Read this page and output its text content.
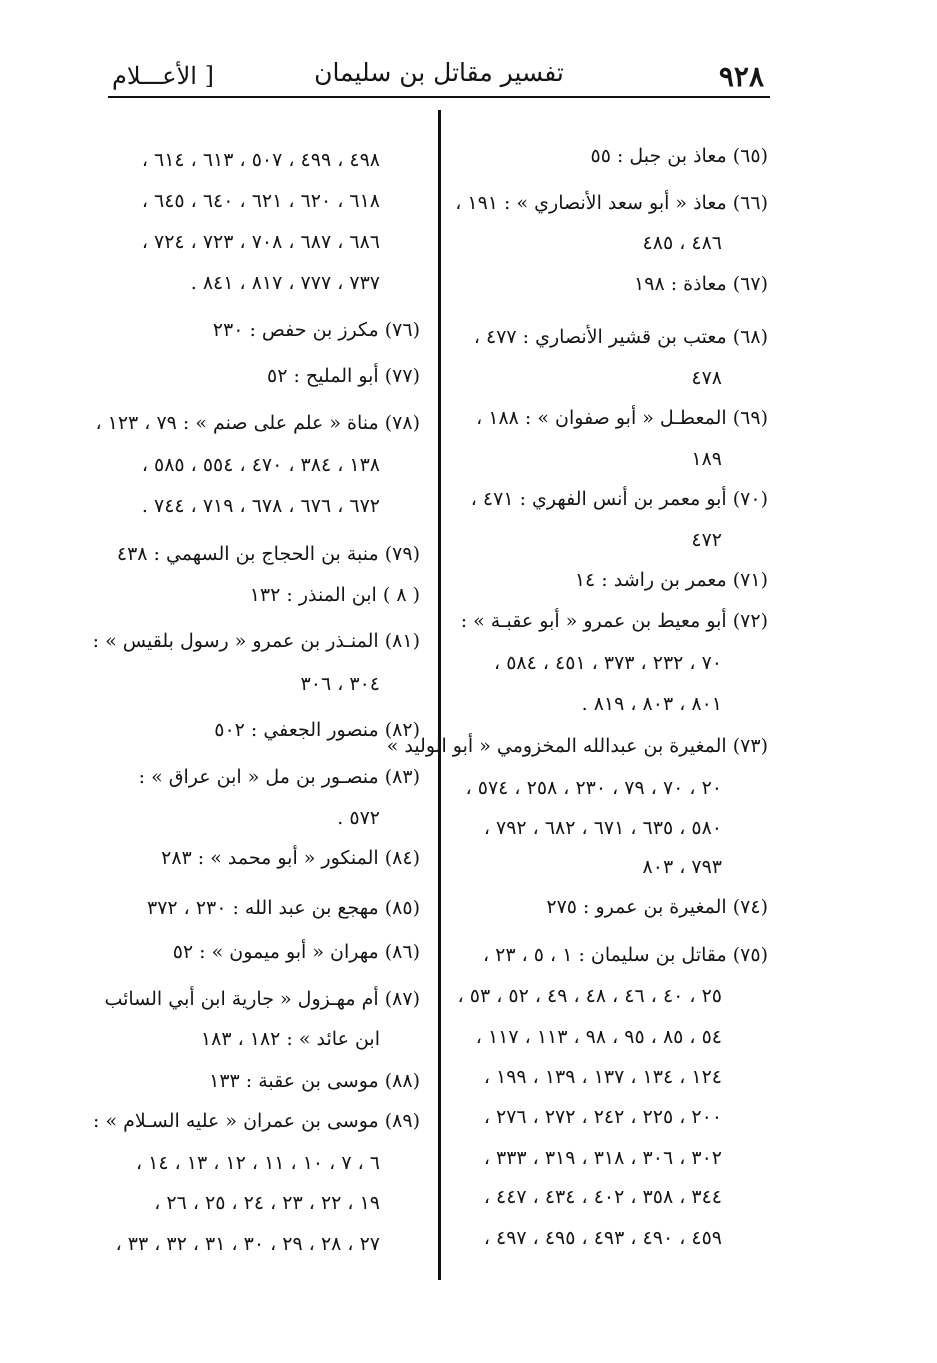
٩٢٨
تفسير مقاتل بن سليمان
[ الأعـــلام
(٦٥) معاذ بن جبل : ٥٥
(٦٦) معاذ « أبو سعد الأنصاري » : ١٩١ ،
٤٨٦ ، ٤٨٥
(٦٧) معاذة : ١٩٨
(٦٨) معتب بن قشير الأنصاري : ٤٧٧ ،
٤٧٨
(٦٩) المعطـل « أبو صفوان » : ١٨٨ ،
١٨٩
(٧٠) أبو معمر بن أنس الفهري : ٤٧١ ،
٤٧٢
(٧١) معمر بن راشد : ١٤
(٧٢) أبو معيط بن عمرو « أبو عقبـة » :
٧٠ ، ٢٣٢ ، ٣٧٣ ، ٤٥١ ، ٥٨٤ ،
٨٠١ ، ٨٠٣ ، ٨١٩ .
(٧٣) المغيرة بن عبدالله المخزومي « أبو الوليد »
٢٠ ، ٧٠ ، ٧٩ ، ٢٣٠ ، ٢٥٨ ، ٥٧٤ ،
٥٨٠ ، ٦٣٥ ، ٦٧١ ، ٦٨٢ ، ٧٩٢ ،
٧٩٣ ، ٨٠٣
(٧٤) المغيرة بن عمرو : ٢٧٥
(٧٥) مقاتل بن سليمان : ١ ، ٥ ، ٢٣ ،
٢٥ ، ٤٠ ، ٤٦ ، ٤٨ ، ٤٩ ، ٥٢ ، ٥٣ ،
٥٤ ، ٨٥ ، ٩٥ ، ٩٨ ، ١١٣ ، ١١٧ ،
١٢٤ ، ١٣٤ ، ١٣٧ ، ١٣٩ ، ١٩٩ ،
٢٠٠ ، ٢٢٥ ، ٢٤٢ ، ٢٧٢ ، ٢٧٦ ،
٣٠٢ ، ٣٠٦ ، ٣١٨ ، ٣١٩ ، ٣٣٣ ،
٣٤٤ ، ٣٥٨ ، ٤٠٢ ، ٤٣٤ ، ٤٤٧ ،
٤٥٩ ، ٤٩٠ ، ٤٩٣ ، ٤٩٥ ، ٤٩٧ ،
٤٩٨ ، ٤٩٩ ، ٥٠٧ ، ٦١٣ ، ٦١٤ ،
٦١٨ ، ٦٢٠ ، ٦٢١ ، ٦٤٠ ، ٦٤٥ ،
٦٨٦ ، ٦٨٧ ، ٧٠٨ ، ٧٢٣ ، ٧٢٤ ،
٧٣٧ ، ٧٧٧ ، ٨١٧ ، ٨٤١ .
(٧٦) مكرز بن حفص : ٢٣٠
(٧٧) أبو المليح : ٥٢
(٧٨) مناة « علم على صنم » : ٧٩ ، ١٢٣ ،
١٣٨ ، ٣٨٤ ، ٤٧٠ ، ٥٥٤ ، ٥٨٥ ،
٦٧٢ ، ٦٧٦ ، ٦٧٨ ، ٧١٩ ، ٧٤٤ .
(٧٩) منبة بن الحجاج بن السهمي : ٤٣٨
( ٨ ) ابن المنذر : ١٣٢
(٨١) المنـذر بن عمرو « رسول بلقيس » :
٣٠٤ ، ٣٠٦
(٨٢) منصور الجعفي : ٥٠٢
(٨٣) منصـور بن مل « ابن عراق » :
٥٧٢ .
(٨٤) المنكور « أبو محمد » : ٢٨٣
(٨٥) مهجع بن عبد الله : ٢٣٠ ، ٣٧٢
(٨٦) مهران « أبو ميمون » : ٥٢
(٨٧) أم مهـزول « جارية ابن أبي السائب
ابن عائد » : ١٨٢ ، ١٨٣
(٨٨) موسى بن عقبة : ١٣٣
(٨٩) موسى بن عمران « عليه السـلام » :
٦ ، ٧ ، ١٠ ، ١١ ، ١٢ ، ١٣ ، ١٤ ،
١٩ ، ٢٢ ، ٢٣ ، ٢٤ ، ٢٥ ، ٢٦ ،
٢٧ ، ٢٨ ، ٢٩ ، ٣٠ ، ٣١ ، ٣٢ ، ٣٣ ،
